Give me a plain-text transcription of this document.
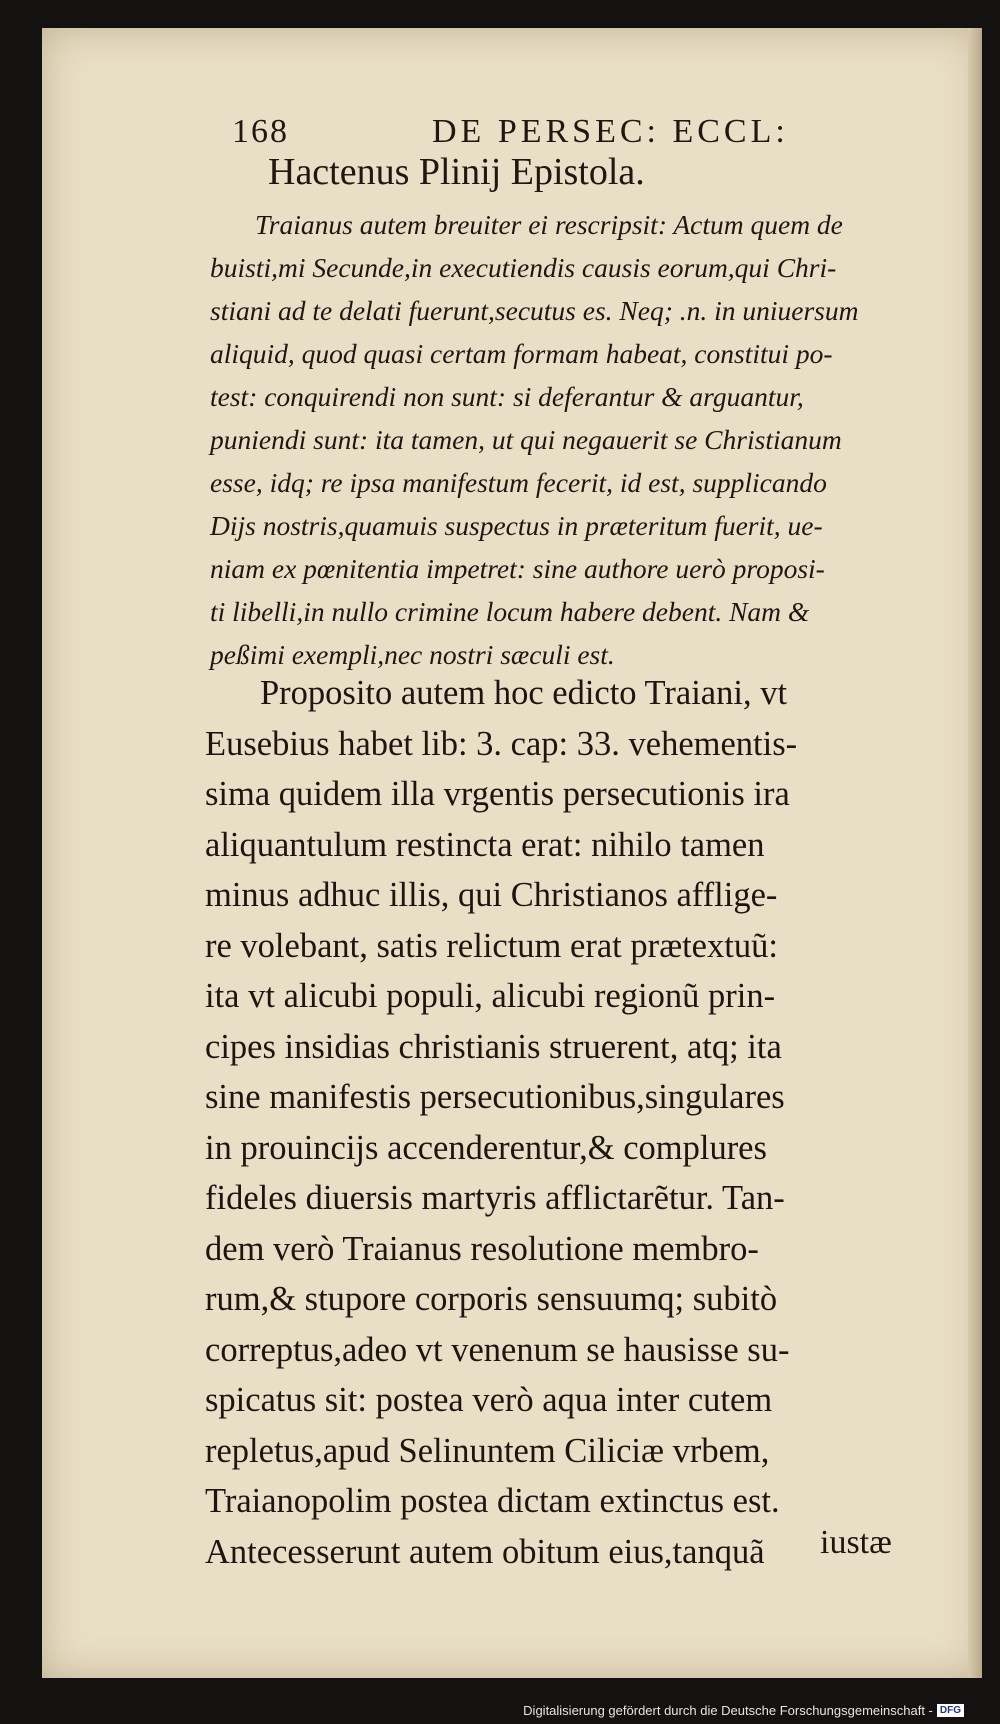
168	DE PERSEC: ECCL:
Hactenus Plinij Epistola.
Traianus autem breuiter ei rescripsit: Actum quem de
buisti,mi Secunde,in executiendis causis eorum,qui Chri-
stiani ad te delati fuerunt,secutus es. Neq; .n. in uniuersum
aliquid, quod quasi certam formam habeat, constitui po-
test: conquirendi non sunt: si deferantur & arguantur,
puniendi sunt: ita tamen, ut qui negauerit se Christianum
esse, idq; re ipsa manifestum fecerit, id est, supplicando
Dijs nostris,quamuis suspectus in præteritum fuerit, ue-
niam ex pœnitentia impetret: sine authore uerò proposi-
ti libelli,in nullo crimine locum habere debent. Nam &
peßimi exempli,nec nostri sæculi est.
Proposito autem hoc edicto Traiani, vt
Eusebius habet lib: 3. cap: 33. vehementis-
sima quidem illa vrgentis persecutionis ira
aliquantulum restincta erat: nihilo tamen
minus adhuc illis, qui Christianos afflige-
re volebant, satis relictum erat prætextuũ:
ita vt alicubi populi, alicubi regionũ prin-
cipes insidias christianis struerent, atq; ita
sine manifestis persecutionibus,singulares
in prouincijs accenderentur,& complures
fideles diuersis martyris afflictarẽtur. Tan-
dem verò Traianus resolutione membro-
rum,& stupore corporis sensuumq; subitò
correptus,adeo vt venenum se hausisse su-
spicatus sit: postea verò aqua inter cutem
repletus,apud Selinuntem Ciliciæ vrbem,
Traianopolim postea dictam extinctus est.
Antecesserunt autem obitum eius,tanquã	iustæ
Digitalisierung gefördert durch die Deutsche Forschungsgemeinschaft - DFG
